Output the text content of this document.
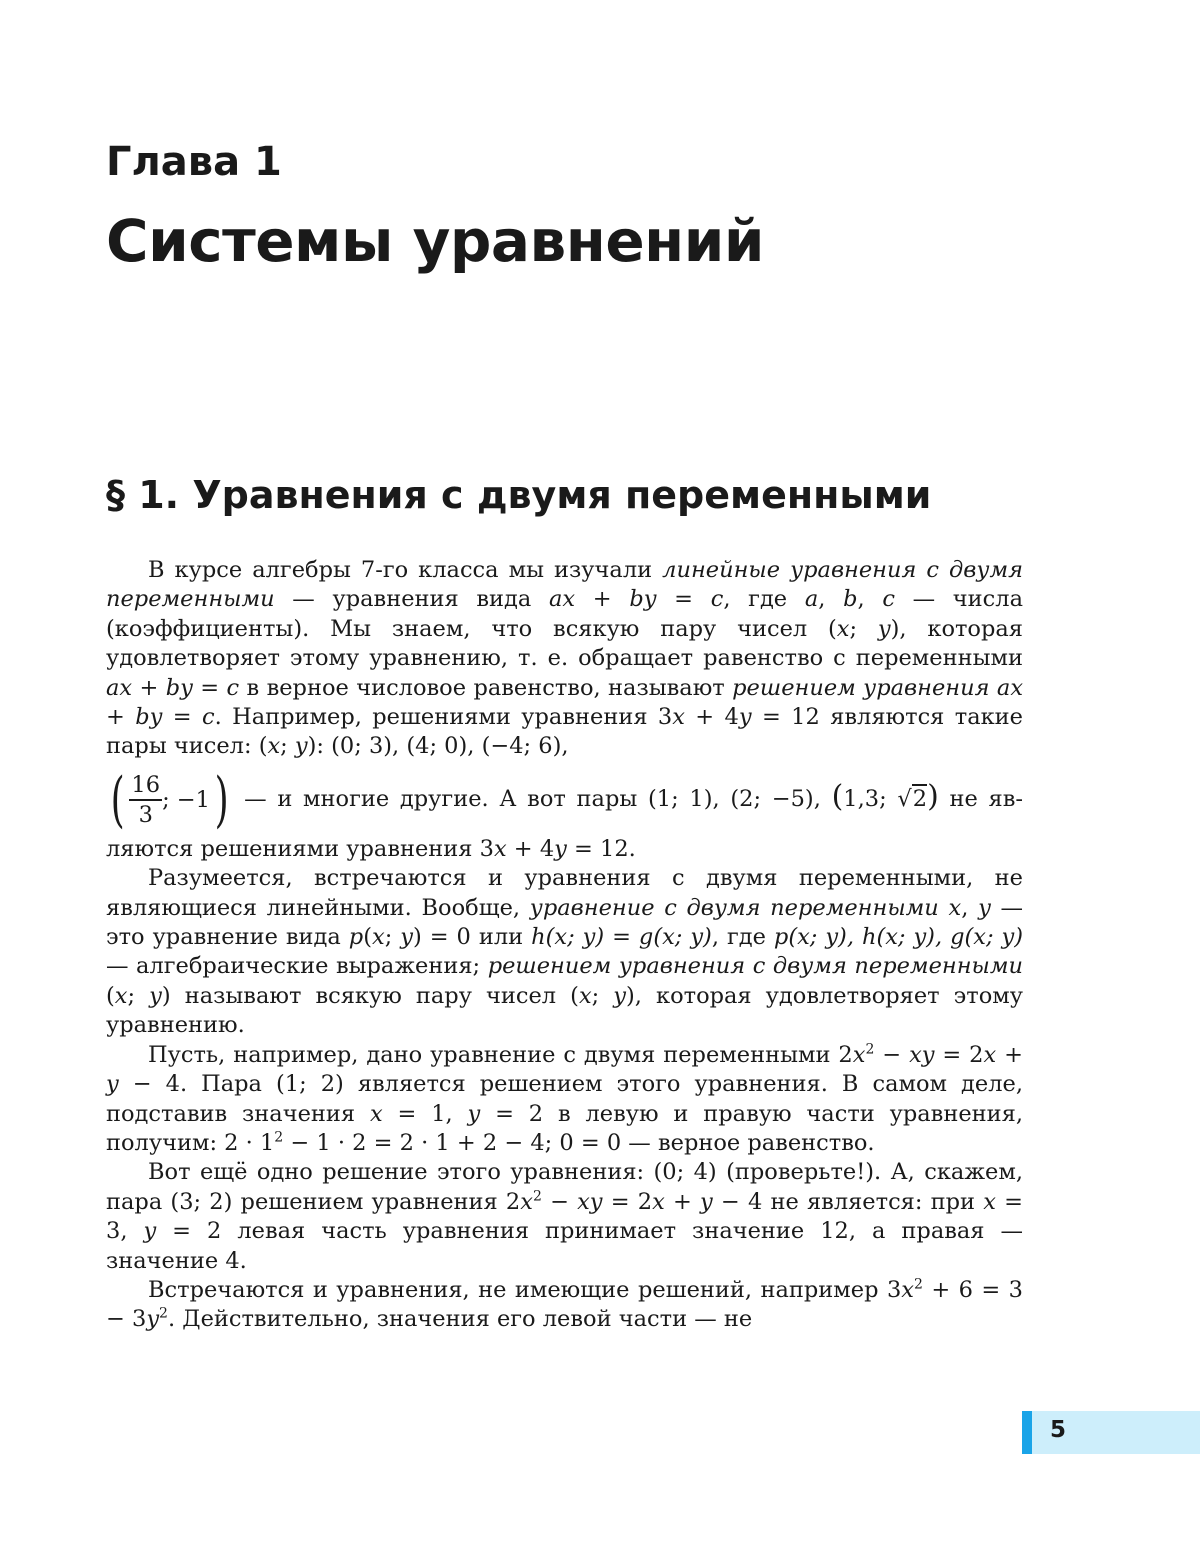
Глава 1
Системы уравнений
§ 1. Уравнения с двумя переменными

В курсе алгебры 7-го класса мы изучали линейные уравнения с двумя переменными — уравнения вида ax + by = c, где a, b, c — числа (коэффициенты). Мы знаем, что всякую пару чисел (x; y), которая удовлетворяет этому уравнению, т. е. обращает равенство с переменными ax + by = c в верное числовое равенство, называют решением уравнения ax + by = c. Например, решениями уравнения 3x + 4y = 12 являются такие пары чисел: (x; y): (0; 3), (4; 0), (−4; 6),

( $\frac{16}{3}$ ; −1 ) — и многие другие. А вот пары (1; 1), (2; −5), (1,3; √2) не яв-

ляются решениями уравнения 3x + 4y = 12.

Разумеется, встречаются и уравнения с двумя переменными, не являющиеся линейными. Вообще, уравнение с двумя переменными x, y — это уравнение вида p(x; y) = 0 или h(x; y) = g(x; y), где p(x; y), h(x; y), g(x; y) — алгебраические выражения; решением уравнения с двумя переменными (x; y) называют всякую пару чисел (x; y), которая удовлетворяет этому уравнению.

Пусть, например, дано уравнение с двумя переменными $2x^2$ − xy = 2x + y − 4. Пара (1; 2) является решением этого уравнения. В самом деле, подставив значения x = 1, y = 2 в левую и правую части уравнения, получим: $2 \cdot 1^2 - 1 \cdot 2 = 2 \cdot 1 + 2 - 4$; 0 = 0 — верное равенство.

Вот ещё одно решение этого уравнения: (0; 4) (проверьте!). А, скажем, пара (3; 2) решением уравнения $2x^2$ − xy = 2x + y − 4 не является: при x = 3, y = 2 левая часть уравнения принимает значение 12, а правая — значение 4.

Встречаются и уравнения, не имеющие решений, например $3x^2 + 6 = 3 - 3y^2$. Действительно, значения его левой части — не

5
